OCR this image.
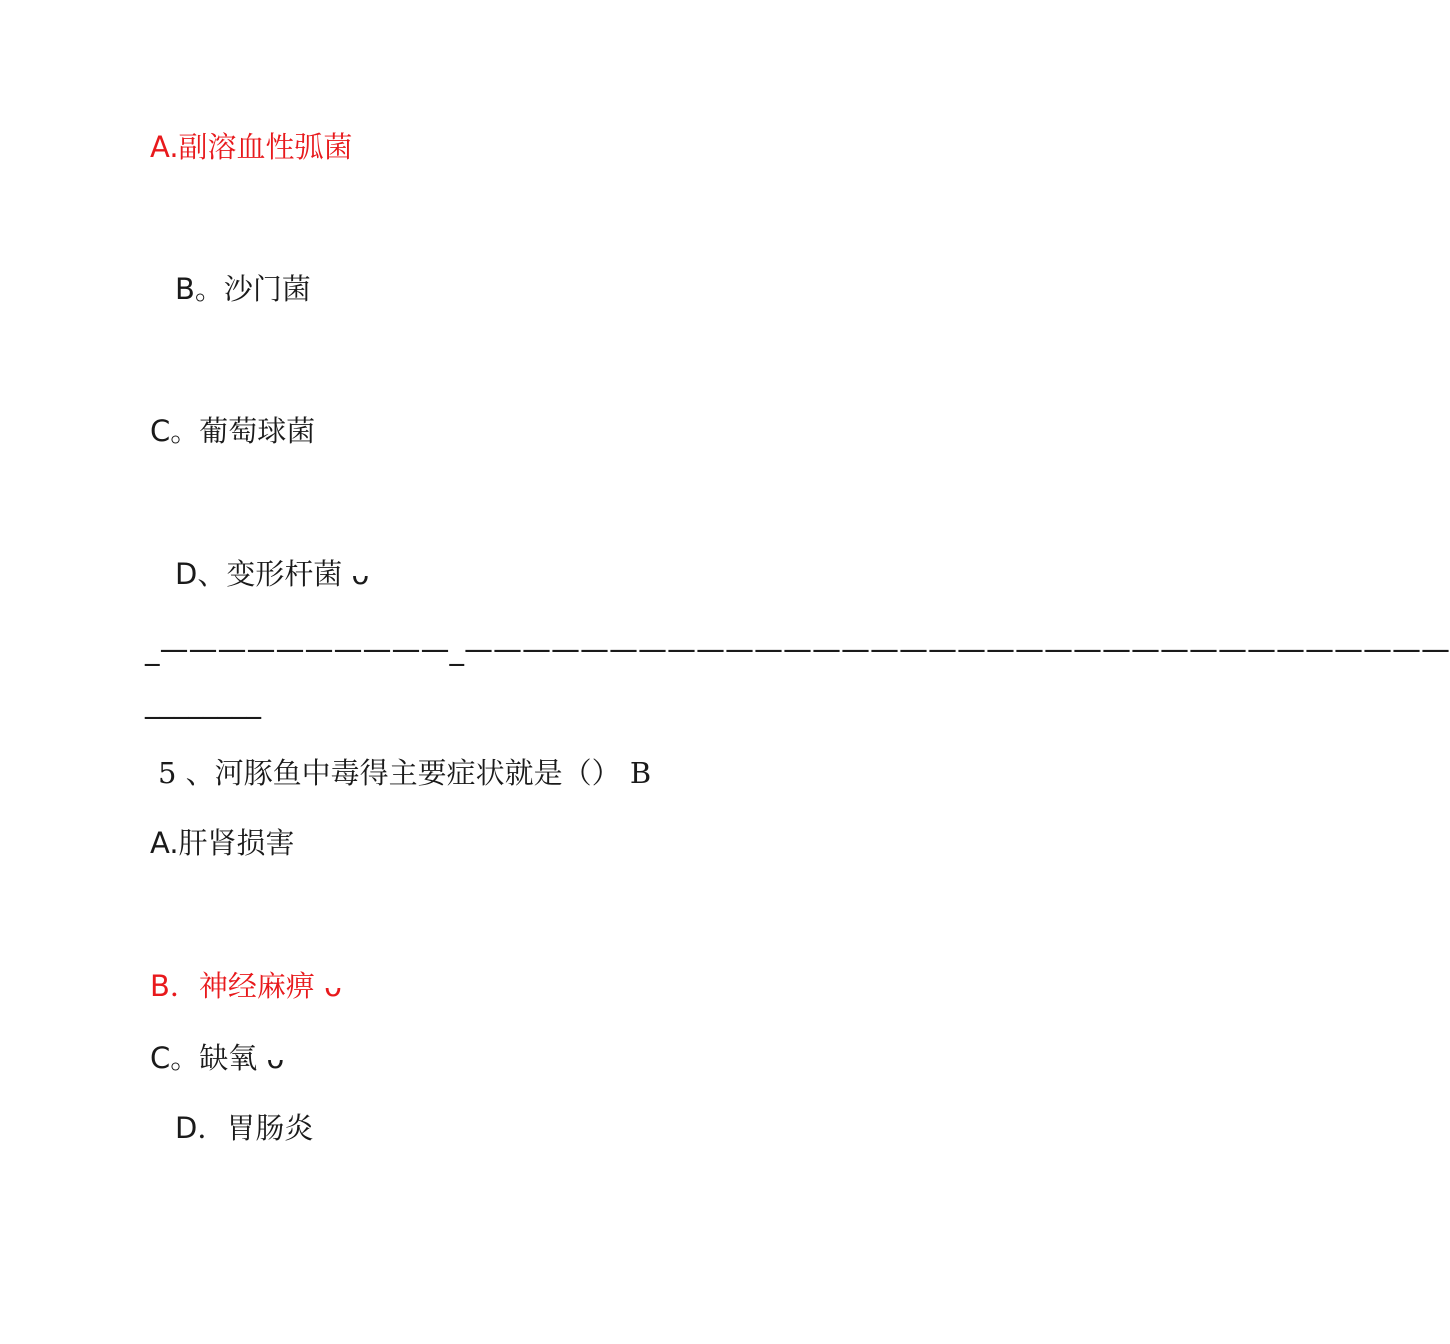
A.副溶血性弧菌
B。沙门菌
C。葡萄球菌
D、变形杆菌 ᴗ
_——————————_——————————————————————————————————
________
5 、河豚鱼中毒得主要症状就是（） B
A.肝肾损害
B．神经麻痹 ᴗ
C。缺氧 ᴗ
D．胃肠炎
